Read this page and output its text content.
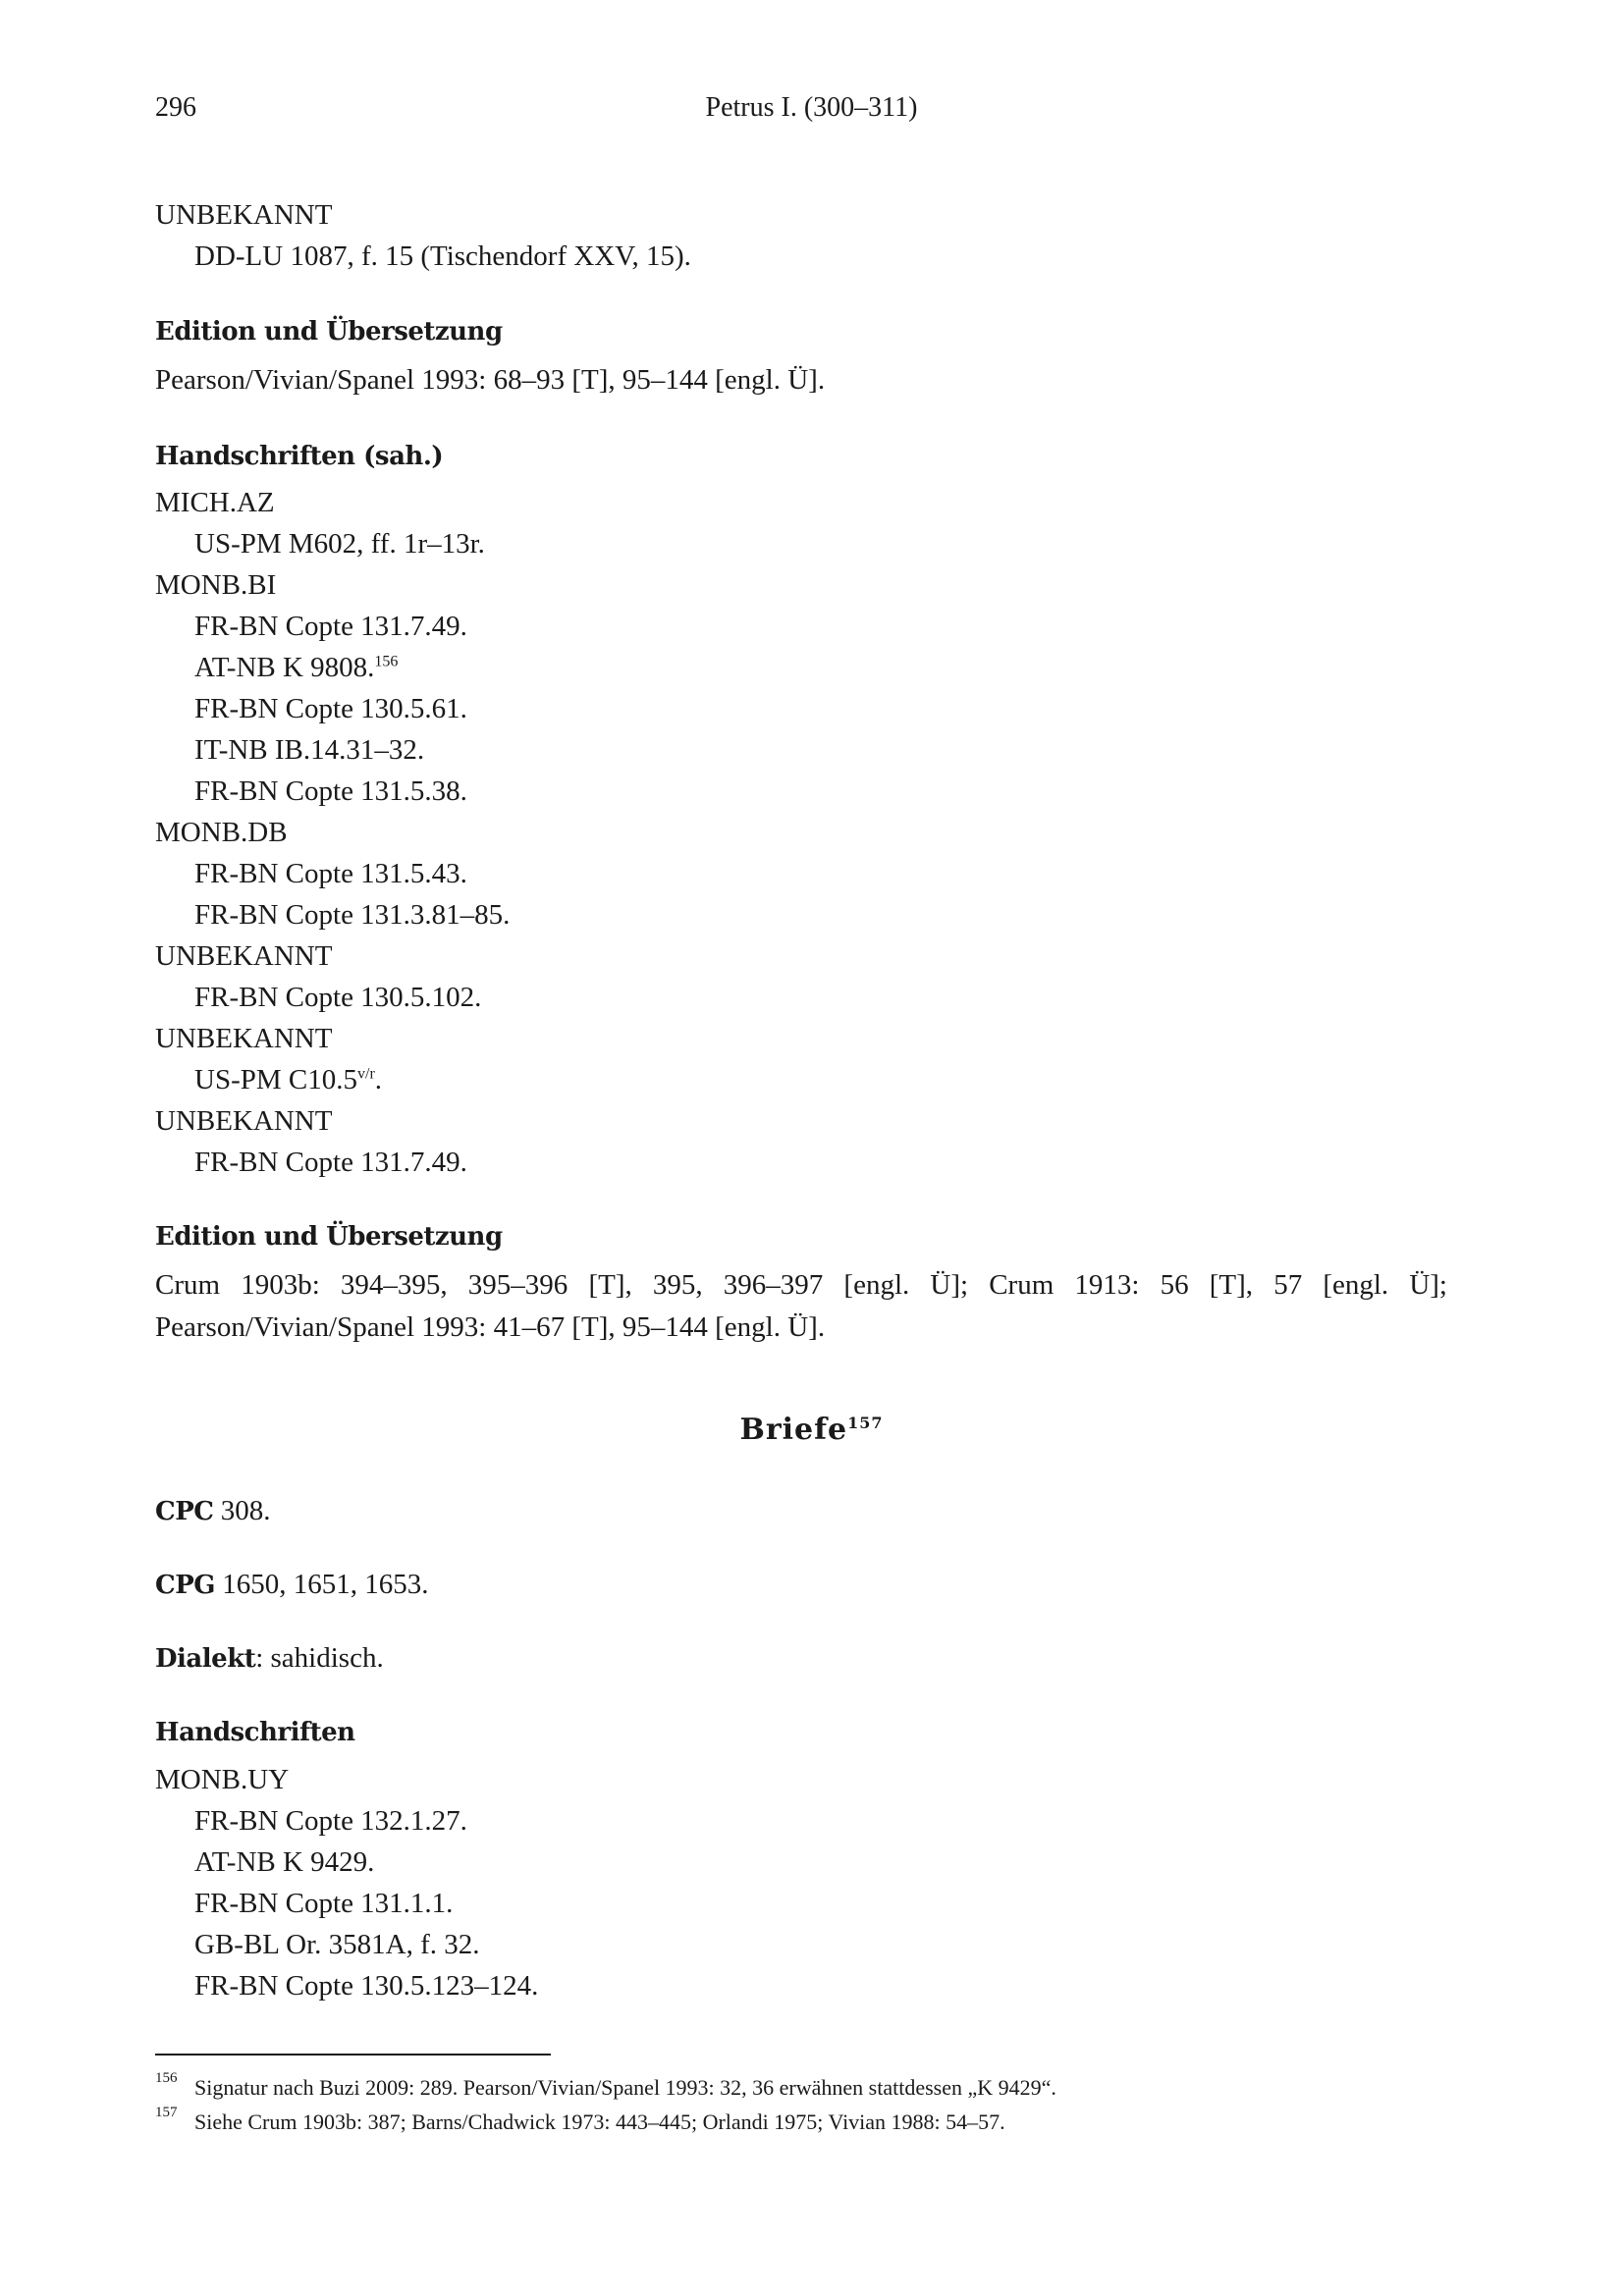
296	Petrus I. (300–311)
UNBEKANNT
DD-LU 1087, f. 15 (Tischendorf XXV, 15).
Edition und Übersetzung
Pearson/Vivian/Spanel 1993: 68–93 [T], 95–144 [engl. Ü].
Handschriften (sah.)
MICH.AZ
US-PM M602, ff. 1r–13r.
MONB.BI
FR-BN Copte 131.7.49.
AT-NB K 9808.$^{156}$
FR-BN Copte 130.5.61.
IT-NB IB.14.31–32.
FR-BN Copte 131.5.38.
MONB.DB
FR-BN Copte 131.5.43.
FR-BN Copte 131.3.81–85.
UNBEKANNT
FR-BN Copte 130.5.102.
UNBEKANNT
US-PM $C10.5^{v/r}$.
UNBEKANNT
FR-BN Copte 131.7.49.
Edition und Übersetzung
Crum 1903b: 394–395, 395–396 [T], 395, 396–397 [engl. Ü]; Crum 1913: 56 [T], 57 [engl. Ü];
Pearson/Vivian/Spanel 1993: 41–67 [T], 95–144 [engl. Ü].
Briefe$^{157}$
CPC 308.
CPG 1650, 1651, 1653.
Dialekt: sahidisch.
Handschriften
MONB.UY
FR-BN Copte 132.1.27.
AT-NB K 9429.
FR-BN Copte 131.1.1.
GB-BL Or. 3581A, f. 32.
FR-BN Copte 130.5.123–124.
156 Signatur nach Buzi 2009: 289. Pearson/Vivian/Spanel 1993: 32, 36 erwähnen stattdessen „K 9429“.
157 Siehe Crum 1903b: 387; Barns/Chadwick 1973: 443–445; Orlandi 1975; Vivian 1988: 54–57.
